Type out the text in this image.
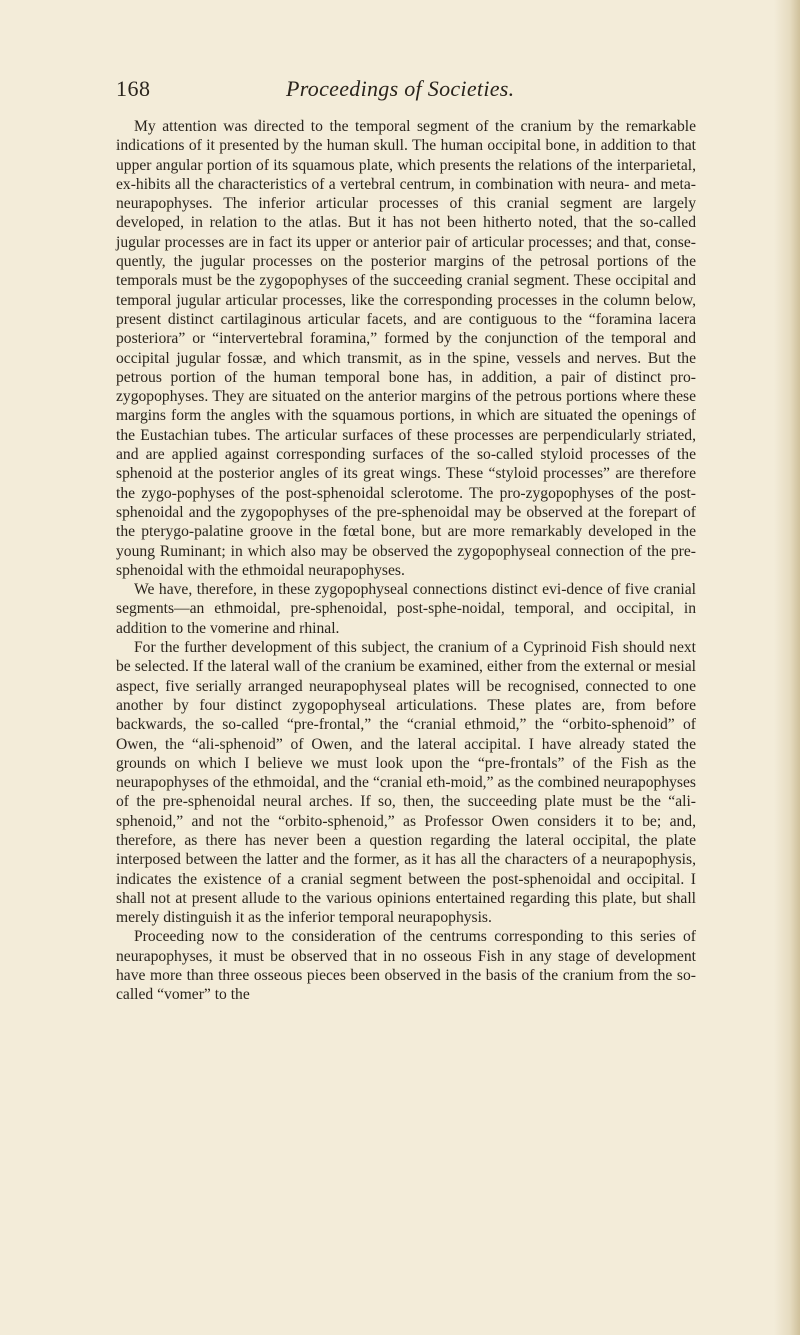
168	Proceedings of Societies.

My attention was directed to the temporal segment of the cranium by the remarkable indications of it presented by the human skull. The human occipital bone, in addition to that upper angular portion of its squamous plate, which presents the relations of the interparietal, ex-hibits all the characteristics of a vertebral centrum, in combination with neura- and meta-neurapophyses. The inferior articular processes of this cranial segment are largely developed, in relation to the atlas. But it has not been hitherto noted, that the so-called jugular processes are in fact its upper or anterior pair of articular processes; and that, conse-quently, the jugular processes on the posterior margins of the petrosal portions of the temporals must be the zygopophyses of the succeeding cranial segment. These occipital and temporal jugular articular processes, like the corresponding processes in the column below, present distinct cartilaginous articular facets, and are contiguous to the “foramina lacera posteriora” or “intervertebral foramina,” formed by the conjunction of the temporal and occipital jugular fossæ, and which transmit, as in the spine, vessels and nerves. But the petrous portion of the human temporal bone has, in addition, a pair of distinct pro-zygopophyses. They are situated on the anterior margins of the petrous portions where these margins form the angles with the squamous portions, in which are situated the openings of the Eustachian tubes. The articular surfaces of these processes are perpendicularly striated, and are applied against corresponding surfaces of the so-called styloid processes of the sphenoid at the posterior angles of its great wings. These “styloid processes” are therefore the zygo-pophyses of the post-sphenoidal sclerotome. The pro-zygopophyses of the post-sphenoidal and the zygopophyses of the pre-sphenoidal may be observed at the forepart of the pterygo-palatine groove in the fœtal bone, but are more remarkably developed in the young Ruminant; in which also may be observed the zygopophyseal connection of the pre-sphenoidal with the ethmoidal neurapophyses.

We have, therefore, in these zygopophyseal connections distinct evi-dence of five cranial segments—an ethmoidal, pre-sphenoidal, post-sphe-noidal, temporal, and occipital, in addition to the vomerine and rhinal.

For the further development of this subject, the cranium of a Cyprinoid Fish should next be selected. If the lateral wall of the cranium be examined, either from the external or mesial aspect, five serially arranged neurapophyseal plates will be recognised, connected to one another by four distinct zygopophyseal articulations. These plates are, from before backwards, the so-called “pre-frontal,” the “cranial ethmoid,” the “orbito-sphenoid” of Owen, the “ali-sphenoid” of Owen, and the lateral accipital. I have already stated the grounds on which I believe we must look upon the “pre-frontals” of the Fish as the neurapophyses of the ethmoidal, and the “cranial eth-moid,” as the combined neurapophyses of the pre-sphenoidal neural arches. If so, then, the succeeding plate must be the “ali-sphenoid,” and not the “orbito-sphenoid,” as Professor Owen considers it to be; and, therefore, as there has never been a question regarding the lateral occipital, the plate interposed between the latter and the former, as it has all the characters of a neurapophysis, indicates the existence of a cranial segment between the post-sphenoidal and occipital. I shall not at present allude to the various opinions entertained regarding this plate, but shall merely distinguish it as the inferior temporal neurapophysis.

Proceeding now to the consideration of the centrums corresponding to this series of neurapophyses, it must be observed that in no osseous Fish in any stage of development have more than three osseous pieces been observed in the basis of the cranium from the so-called “vomer” to the
